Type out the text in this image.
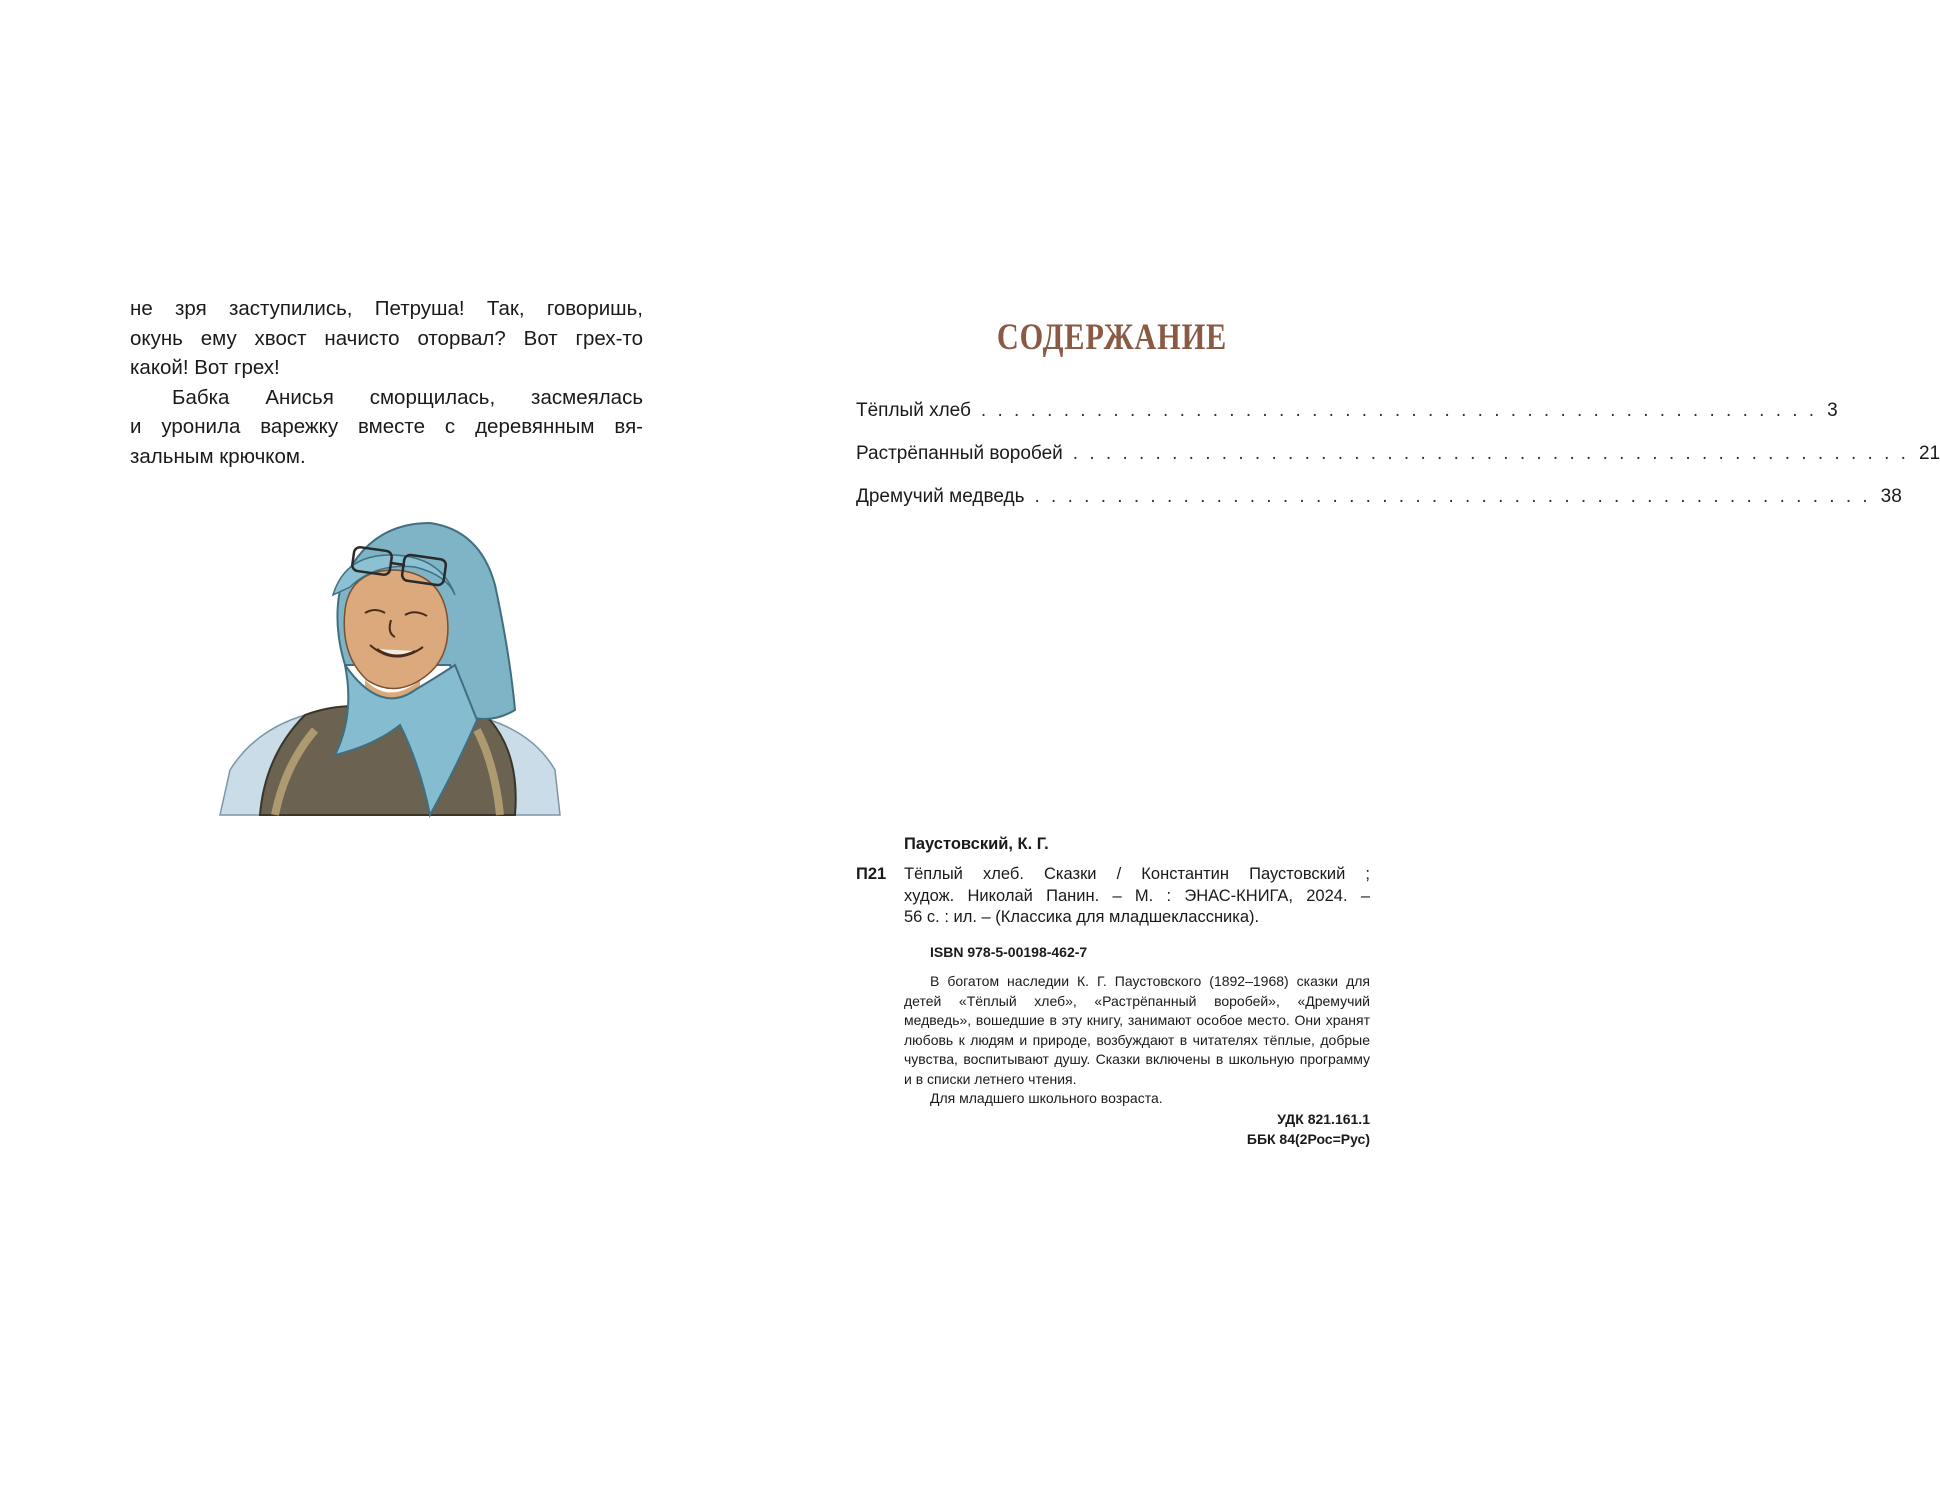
не зря заступились, Петруша! Так, говоришь,

окунь ему хвост начисто оторвал? Вот грех-то

какой! Вот грех!

Бабка Анисья сморщилась, засмеялась

и уронила варежку вместе с деревянным вя-

зальным крючком.

СОДЕРЖАНИЕ
Тёплый хлеб . . . . . . . . . . . . . . . . . . . . . . . . . . . . . . . . . . . . . . . . . . . . . . . . . . . 3
Растрёпанный воробей . . . . . . . . . . . . . . . . . . . . . . . . . . . . . . . . . . . . . . . . . . . . . . . . . . . 21
Дремучий медведь . . . . . . . . . . . . . . . . . . . . . . . . . . . . . . . . . . . . . . . . . . . . . . . . . . . 38
Паустовский, К. Г.
П21 Тёплый хлеб. Сказки / Константин Паустовский ;
худож. Николай Панин. – М. : ЭНАС-КНИГА, 2024. –
56 с. : ил. – (Классика для младшеклассника).
ISBN 978-5-00198-462-7

В богатом наследии К. Г. Паустовского (1892–1968) сказки для детей «Тёплый хлеб», «Растрёпанный воробей», «Дремучий медведь», вошедшие в эту книгу, занимают особое место. Они хранят любовь к людям и природе, возбуждают в читателях тёплые, добрые чувства, воспитывают душу. Сказки включены в школьную программу и в списки летнего чтения.

Для младшего школьного возраста.

УДК 821.161.1
ББК 84(2Рос=Рус)
